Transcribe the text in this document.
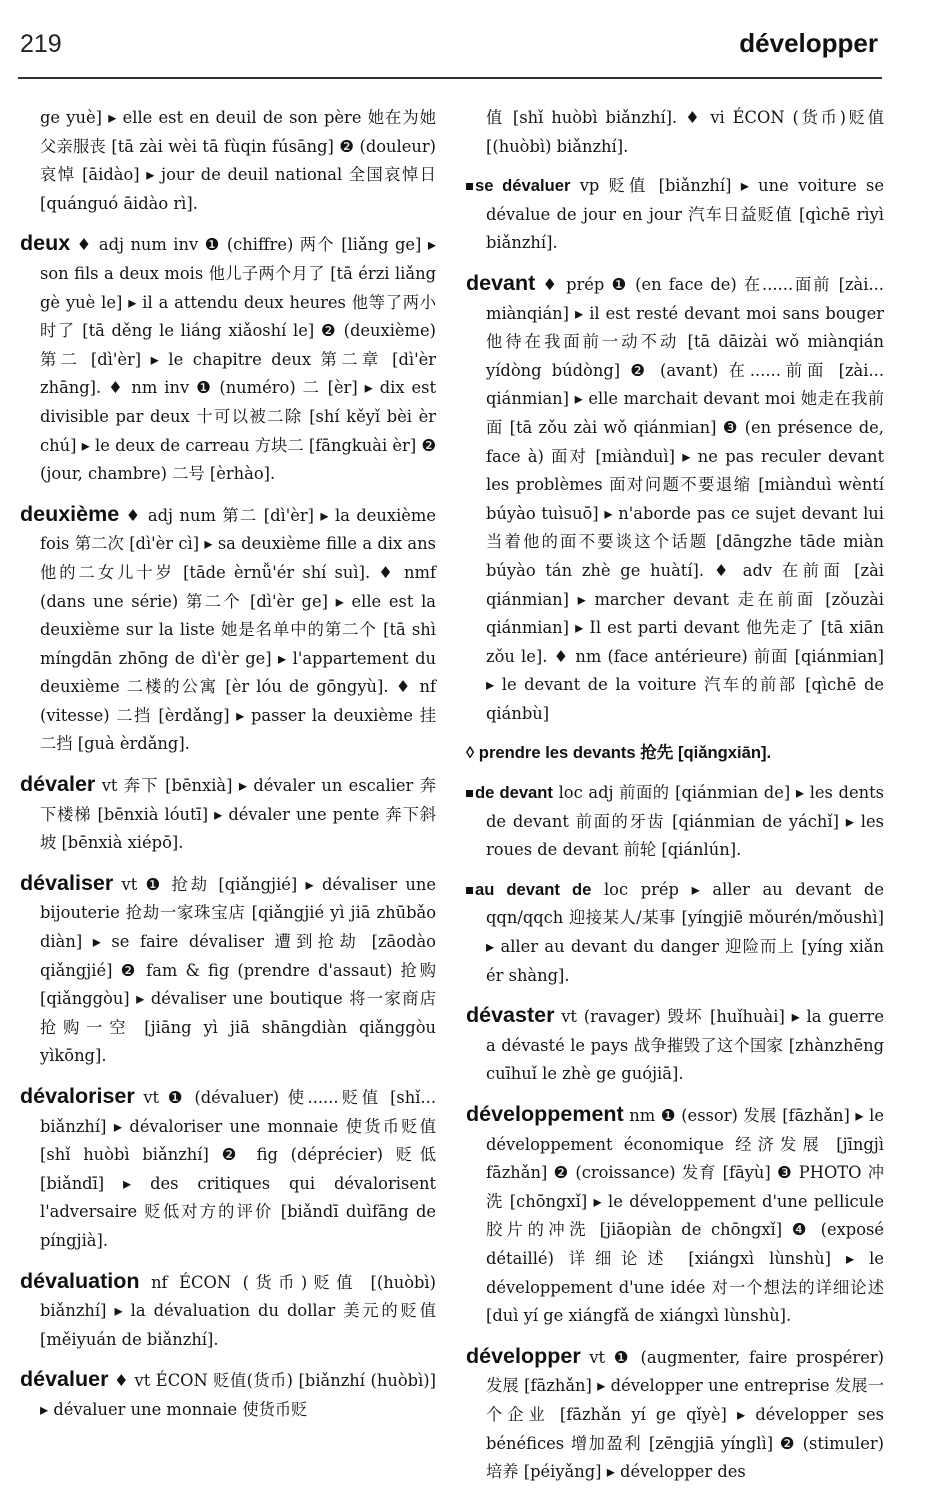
219	développer

ge yuè] ▸ elle est en deuil de son père 她在为她父亲服丧 [tā zài wèi tā fùqin fúsāng] ❷ (douleur) 哀悼 [āidào] ▸ jour de deuil national 全国哀悼日 [quánguó āidào rì].

deux ♦ adj num inv ❶ (chiffre) 两个 [liǎng ge] ▸ son fils a deux mois 他儿子两个月了 [tā érzi liǎng gè yuè le] ▸ il a attendu deux heures 他等了两小时了 [tā děng le liáng xiǎoshí le] ❷ (deuxième) 第二 [dì'èr] ▸ le chapitre deux 第二章 [dì'èr zhāng]. ♦ nm inv ❶ (numéro) 二 [èr] ▸ dix est divisible par deux 十可以被二除 [shí kěyǐ bèi èr chú] ▸ le deux de carreau 方块二 [fāngkuài èr] ❷ (jour, chambre) 二号 [èrhào].

deuxième ♦ adj num 第二 [dì'èr] ▸ la deuxième fois 第二次 [dì'èr cì] ▸ sa deuxième fille a dix ans 他的二女儿十岁 [tāde èrnǚ'ér shí suì]. ♦ nmf (dans une série) 第二个 [dì'èr ge] ▸ elle est la deuxième sur la liste 她是名单中的第二个 [tā shì míngdān zhōng de dì'èr ge] ▸ l'appartement du deuxième 二楼的公寓 [èr lóu de gōngyù]. ♦ nf (vitesse) 二挡 [èrdǎng] ▸ passer la deuxième 挂二挡 [guà èrdǎng].

dévaler vt 奔下 [bēnxià] ▸ dévaler un escalier 奔下楼梯 [bēnxià lóutī] ▸ dévaler une pente 奔下斜坡 [bēnxià xiépō].

dévaliser vt ❶ 抢劫 [qiǎngjié] ▸ dévaliser une bijouterie 抢劫一家珠宝店 [qiǎngjié yì jiā zhūbǎo diàn] ▸ se faire dévaliser 遭到抢劫 [zāodào qiǎngjié] ❷ fam & fig (prendre d'assaut) 抢购 [qiǎnggòu] ▸ dévaliser une boutique 将一家商店抢购一空 [jiāng yì jiā shāngdiàn qiǎnggòu yìkōng].

dévaloriser vt ❶ (dévaluer) 使......贬值 [shǐ... biǎnzhí] ▸ dévaloriser une monnaie 使货币贬值 [shǐ huòbì biǎnzhí] ❷ fig (déprécier) 贬低 [biǎndī] ▸ des critiques qui dévalorisent l'adversaire 贬低对方的评价 [biǎndī duìfāng de píngjià].

dévaluation nf ÉCON (货币)贬值 [(huòbì) biǎnzhí] ▸ la dévaluation du dollar 美元的贬值 [měiyuán de biǎnzhí].

dévaluer ♦ vt ÉCON 贬值(货币) [biǎnzhí (huòbì)] ▸ dévaluer une monnaie 使货币贬

值 [shǐ huòbì biǎnzhí]. ♦ vi ÉCON (货币)贬值 [(huòbì) biǎnzhí].

se dévaluer vp 贬值 [biǎnzhí] ▸ une voiture se dévalue de jour en jour 汽车日益贬值 [qìchē rìyì biǎnzhí].

devant ♦ prép ❶ (en face de) 在......面前 [zài... miànqián] ▸ il est resté devant moi sans bouger 他待在我面前一动不动 [tā dāizài wǒ miànqián yídòng búdòng] ❷ (avant) 在......前面 [zài... qiánmian] ▸ elle marchait devant moi 她走在我前面 [tā zǒu zài wǒ qiánmian] ❸ (en présence de, face à) 面对 [miànduì] ▸ ne pas reculer devant les problèmes 面对问题不要退缩 [miànduì wèntí búyào tuìsuō] ▸ n'aborde pas ce sujet devant lui 当着他的面不要谈这个话题 [dāngzhe tāde miàn búyào tán zhè ge huàtí]. ♦ adv 在前面 [zài qiánmian] ▸ marcher devant 走在前面 [zǒuzài qiánmian] ▸ Il est parti devant 他先走了 [tā xiān zǒu le]. ♦ nm (face antérieure) 前面 [qiánmian] ▸ le devant de la voiture 汽车的前部 [qìchē de qiánbù]

◊ prendre les devants 抢先 [qiǎngxiān].

de devant loc adj 前面的 [qiánmian de] ▸ les dents de devant 前面的牙齿 [qiánmian de yáchǐ] ▸ les roues de devant 前轮 [qiánlún].

au devant de loc prép ▸ aller au devant de qqn/qqch 迎接某人/某事 [yíngjiē mǒurén/mǒushì] ▸ aller au devant du danger 迎险而上 [yíng xiǎn ér shàng].

dévaster vt (ravager) 毁坏 [huǐhuài] ▸ la guerre a dévasté le pays 战争摧毁了这个国家 [zhànzhēng cuīhuǐ le zhè ge guójiā].

développement nm ❶ (essor) 发展 [fāzhǎn] ▸ le développement économique 经济发展 [jīngjì fāzhǎn] ❷ (croissance) 发育 [fāyù] ❸ PHOTO 冲洗 [chōngxǐ] ▸ le développement d'une pellicule 胶片的冲洗 [jiāopiàn de chōngxǐ] ❹ (exposé détaillé) 详细论述 [xiángxì lùnshù] ▸ le développement d'une idée 对一个想法的详细论述 [duì yí ge xiángfǎ de xiángxì lùnshù].

développer vt ❶ (augmenter, faire prospérer) 发展 [fāzhǎn] ▸ développer une entreprise 发展一个企业 [fāzhǎn yí ge qǐyè] ▸ développer ses bénéfices 增加盈利 [zēngjiā yínglì] ❷ (stimuler) 培养 [péiyǎng] ▸ développer des
